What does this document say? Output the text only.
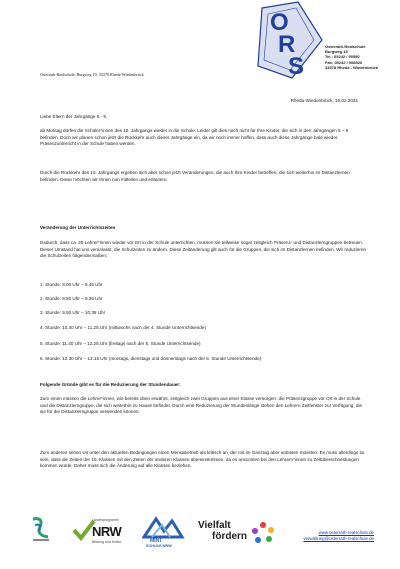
O
R
S
Osterrath-Realschule
Burgweg 19
Tel.: 05242 / 90550
Fax: 05242 / 908520
33378 Rheda - Wiedenbrück
Osterrath-Realschule, Burgweg 19, 33378 Rheda-Wiedenbrück
Rheda-Wiedenbrück, 19.02.2021
Liebe Eltern der Jahrgänge 5 - 9,
ab Montag dürfen die Schüler*innen des 10. Jahrgangs wieder in die Schule. Leider gilt dies noch nicht für Ihre Kinder, die sich in den Jahrgängen 5 – 9 befinden. Doch wir planen schon jetzt die Rückkehr auch dieser Jahrgänge ein, da wir noch immer hoffen, dass auch diese Jahrgänge bald wieder Präsenzunterricht in der Schule haben werden.
Durch die Rückkehr des 10. Jahrgangs ergeben sich aber schon jetzt Veränderungen, die auch Ihre Kinder betreffen, die sich weiterhin im Distanzlernen befinden. Diese möchten wir Ihnen nun mitteilen und erläutern.
Veränderung der Unterrichtszeiten
Dadurch, dass ca. 25 Lehrer*innen wieder vor Ort in der Schule unterrichten, müssen sie teilweise sogar zeitgleich Präsenz- und Distanzlerngruppen betreuen. Dieser Umstand hat uns veranlasst, die Schulzeiten zu ändern. Diese Zeitänderung gilt auch für die Gruppen, die sich im Distanzlernen befinden. Wir reduzieren die Schulzeiten folgendermaßen:
1. Stunde: 8.00 Uhr – 8.45 Uhr
2. Stunde: 8.50 Uhr – 9.35 Uhr
3. Stunde: 9.50 Uhr – 10.35 Uhr
4. Stunde: 10.40 Uhr – 11.25 Uhr (mittwochs nach der 4. Stunde Unterrichtsende)
5. Stunde: 11.40 Uhr – 12.25 Uhr (freitags nach der 5. Stunde Unterrichtsende)
6. Stunde: 12.30 Uhr – 13.15 Uhr (montags, dienstags und donnerstags nach der 6. Stunde Unterrichtsende)
Folgende Gründe gibt es für die Reduzierung der Stundendauer:
Zum einen müssen die Lehrer*innen, wie bereits oben erwähnt, zeitgleich zwei Gruppen aus einer Klasse versorgen: die Präsenzgruppe vor Ort in der Schule und die Distanzlerngruppe, die sich weiterhin zu Hause befindet. Durch eine Reduzierung der Stundenlänge stehen den Lehrern Zeitfenster zur Verfügung, die sie für die Distanzlerngruppe verwenden können.
Zum anderen sehen wir unter den aktuellen Bedingungen einen Mensabetrieb als kritisch an, der mit im Ganztag aber anbieten müssten. Es muss allerdings so sein, dass die Zeiten der 10. Klassen mit den Zeiten der anderen Klassen übereinstimmen, da es ansonsten bei den Lehrern*innen zu Zeitüberschneidungen kommen würde. Daher muss sich die Änderung auf alle Klassen beziehen.
Landesprogramm
NRW
Bildung und Kultur	MINT
SCHULE NRW
Vielfalt
fördern	www.osterrath-realschule.de
verwaltung@osterrath-realschule.de
